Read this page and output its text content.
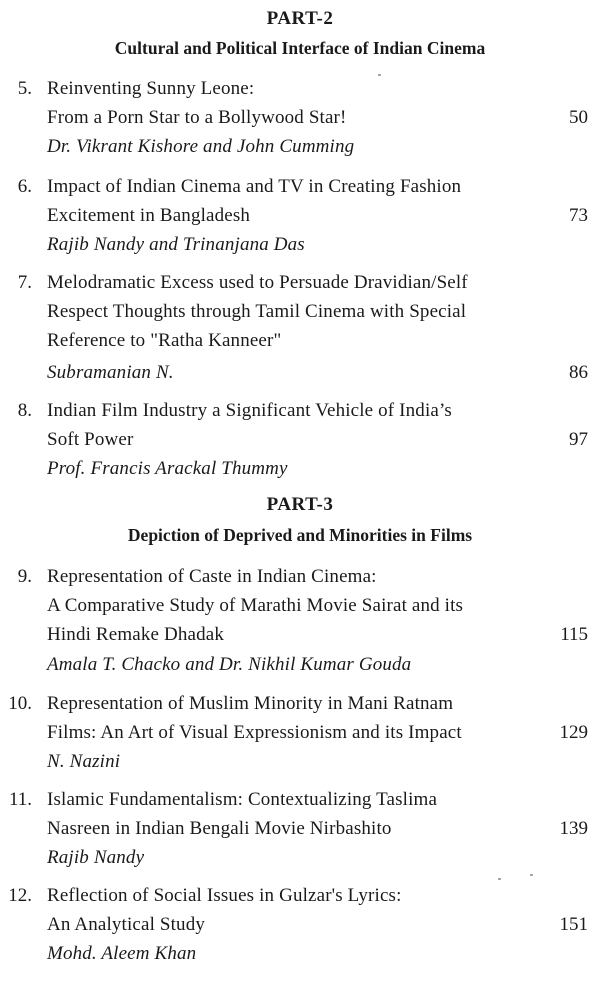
PART-2
Cultural and Political Interface of Indian Cinema
5. Reinventing Sunny Leone:
From a Porn Star to a Bollywood Star!	50
Dr. Vikrant Kishore and John Cumming
6. Impact of Indian Cinema and TV in Creating Fashion
Excitement in Bangladesh	73
Rajib Nandy and Trinanjana Das
7. Melodramatic Excess used to Persuade Dravidian/Self
Respect Thoughts through Tamil Cinema with Special
Reference to "Ratha Kanneer"
Subramanian N.	86
8. Indian Film Industry a Significant Vehicle of India’s
Soft Power	97
Prof. Francis Arackal Thummy
PART-3
Depiction of Deprived and Minorities in Films
9. Representation of Caste in Indian Cinema:
A Comparative Study of Marathi Movie Sairat and its
Hindi Remake Dhadak	115
Amala T. Chacko and Dr. Nikhil Kumar Gouda
10. Representation of Muslim Minority in Mani Ratnam
Films: An Art of Visual Expressionism and its Impact	129
N. Nazini
11. Islamic Fundamentalism: Contextualizing Taslima
Nasreen in Indian Bengali Movie Nirbashito	139
Rajib Nandy
12. Reflection of Social Issues in Gulzar's Lyrics:
An Analytical Study	151
Mohd. Aleem Khan
